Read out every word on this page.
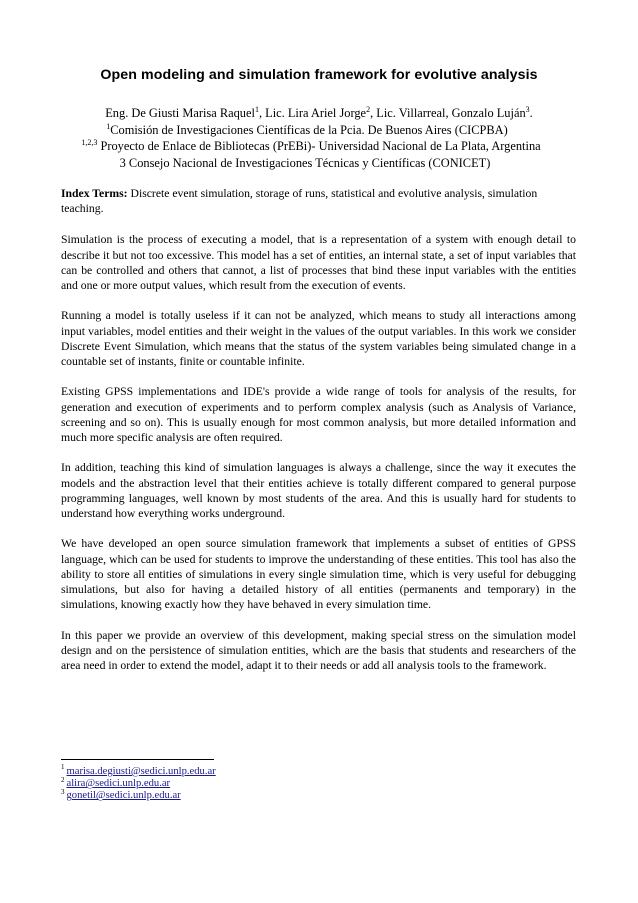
Open modeling and simulation framework for evolutive analysis
Eng. De Giusti Marisa Raquel$^1$, Lic. Lira Ariel Jorge$^2$, Lic. Villarreal, Gonzalo Luján$^3$.
$^1$Comisión de Investigaciones Científicas de la Pcia. De Buenos Aires (CICPBA)
$^{1,2,3}$ Proyecto de Enlace de Bibliotecas (PrEBi)- Universidad Nacional de La Plata, Argentina
3 Consejo Nacional de Investigaciones Técnicas y Científicas (CONICET)

Index Terms: Discrete event simulation, storage of runs, statistical and evolutive analysis, simulation teaching.

Simulation is the process of executing a model, that is a representation of a system with enough detail to describe it but not too excessive. This model has a set of entities, an internal state, a set of input variables that can be controlled and others that cannot, a list of processes that bind these input variables with the entities and one or more output values, which result from the execution of events.

Running a model is totally useless if it can not be analyzed, which means to study all interactions among input variables, model entities and their weight in the values of the output variables. In this work we consider Discrete Event Simulation, which means that the status of the system variables being simulated change in a countable set of instants, finite or countable infinite.

Existing GPSS implementations and IDE's provide a wide range of tools for analysis of the results, for generation and execution of experiments and to perform complex analysis (such as Analysis of Variance, screening and so on). This is usually enough for most common analysis, but more detailed information and much more specific analysis are often required.

In addition, teaching this kind of simulation languages is always a challenge, since the way it executes the models and the abstraction level that their entities achieve is totally different compared to general purpose programming languages, well known by most students of the area. And this is usually hard for students to understand how everything works underground.

We have developed an open source simulation framework that implements a subset of entities of GPSS language, which can be used for students to improve the understanding of these entities. This tool has also the ability to store all entities of simulations in every single simulation time, which is very useful for debugging simulations, but also for having a detailed history of all entities (permanents and temporary) in the simulations, knowing exactly how they have behaved in every simulation time.

In this paper we provide an overview of this development, making special stress on the simulation model design and on the persistence of simulation entities, which are the basis that students and researchers of the area need in order to extend the model, adapt it to their needs or add all analysis tools to the framework.

$^1$ marisa.degiusti@sedici.unlp.edu.ar
$^2$ alira@sedici.unlp.edu.ar
$^3$ gonetil@sedici.unlp.edu.ar
